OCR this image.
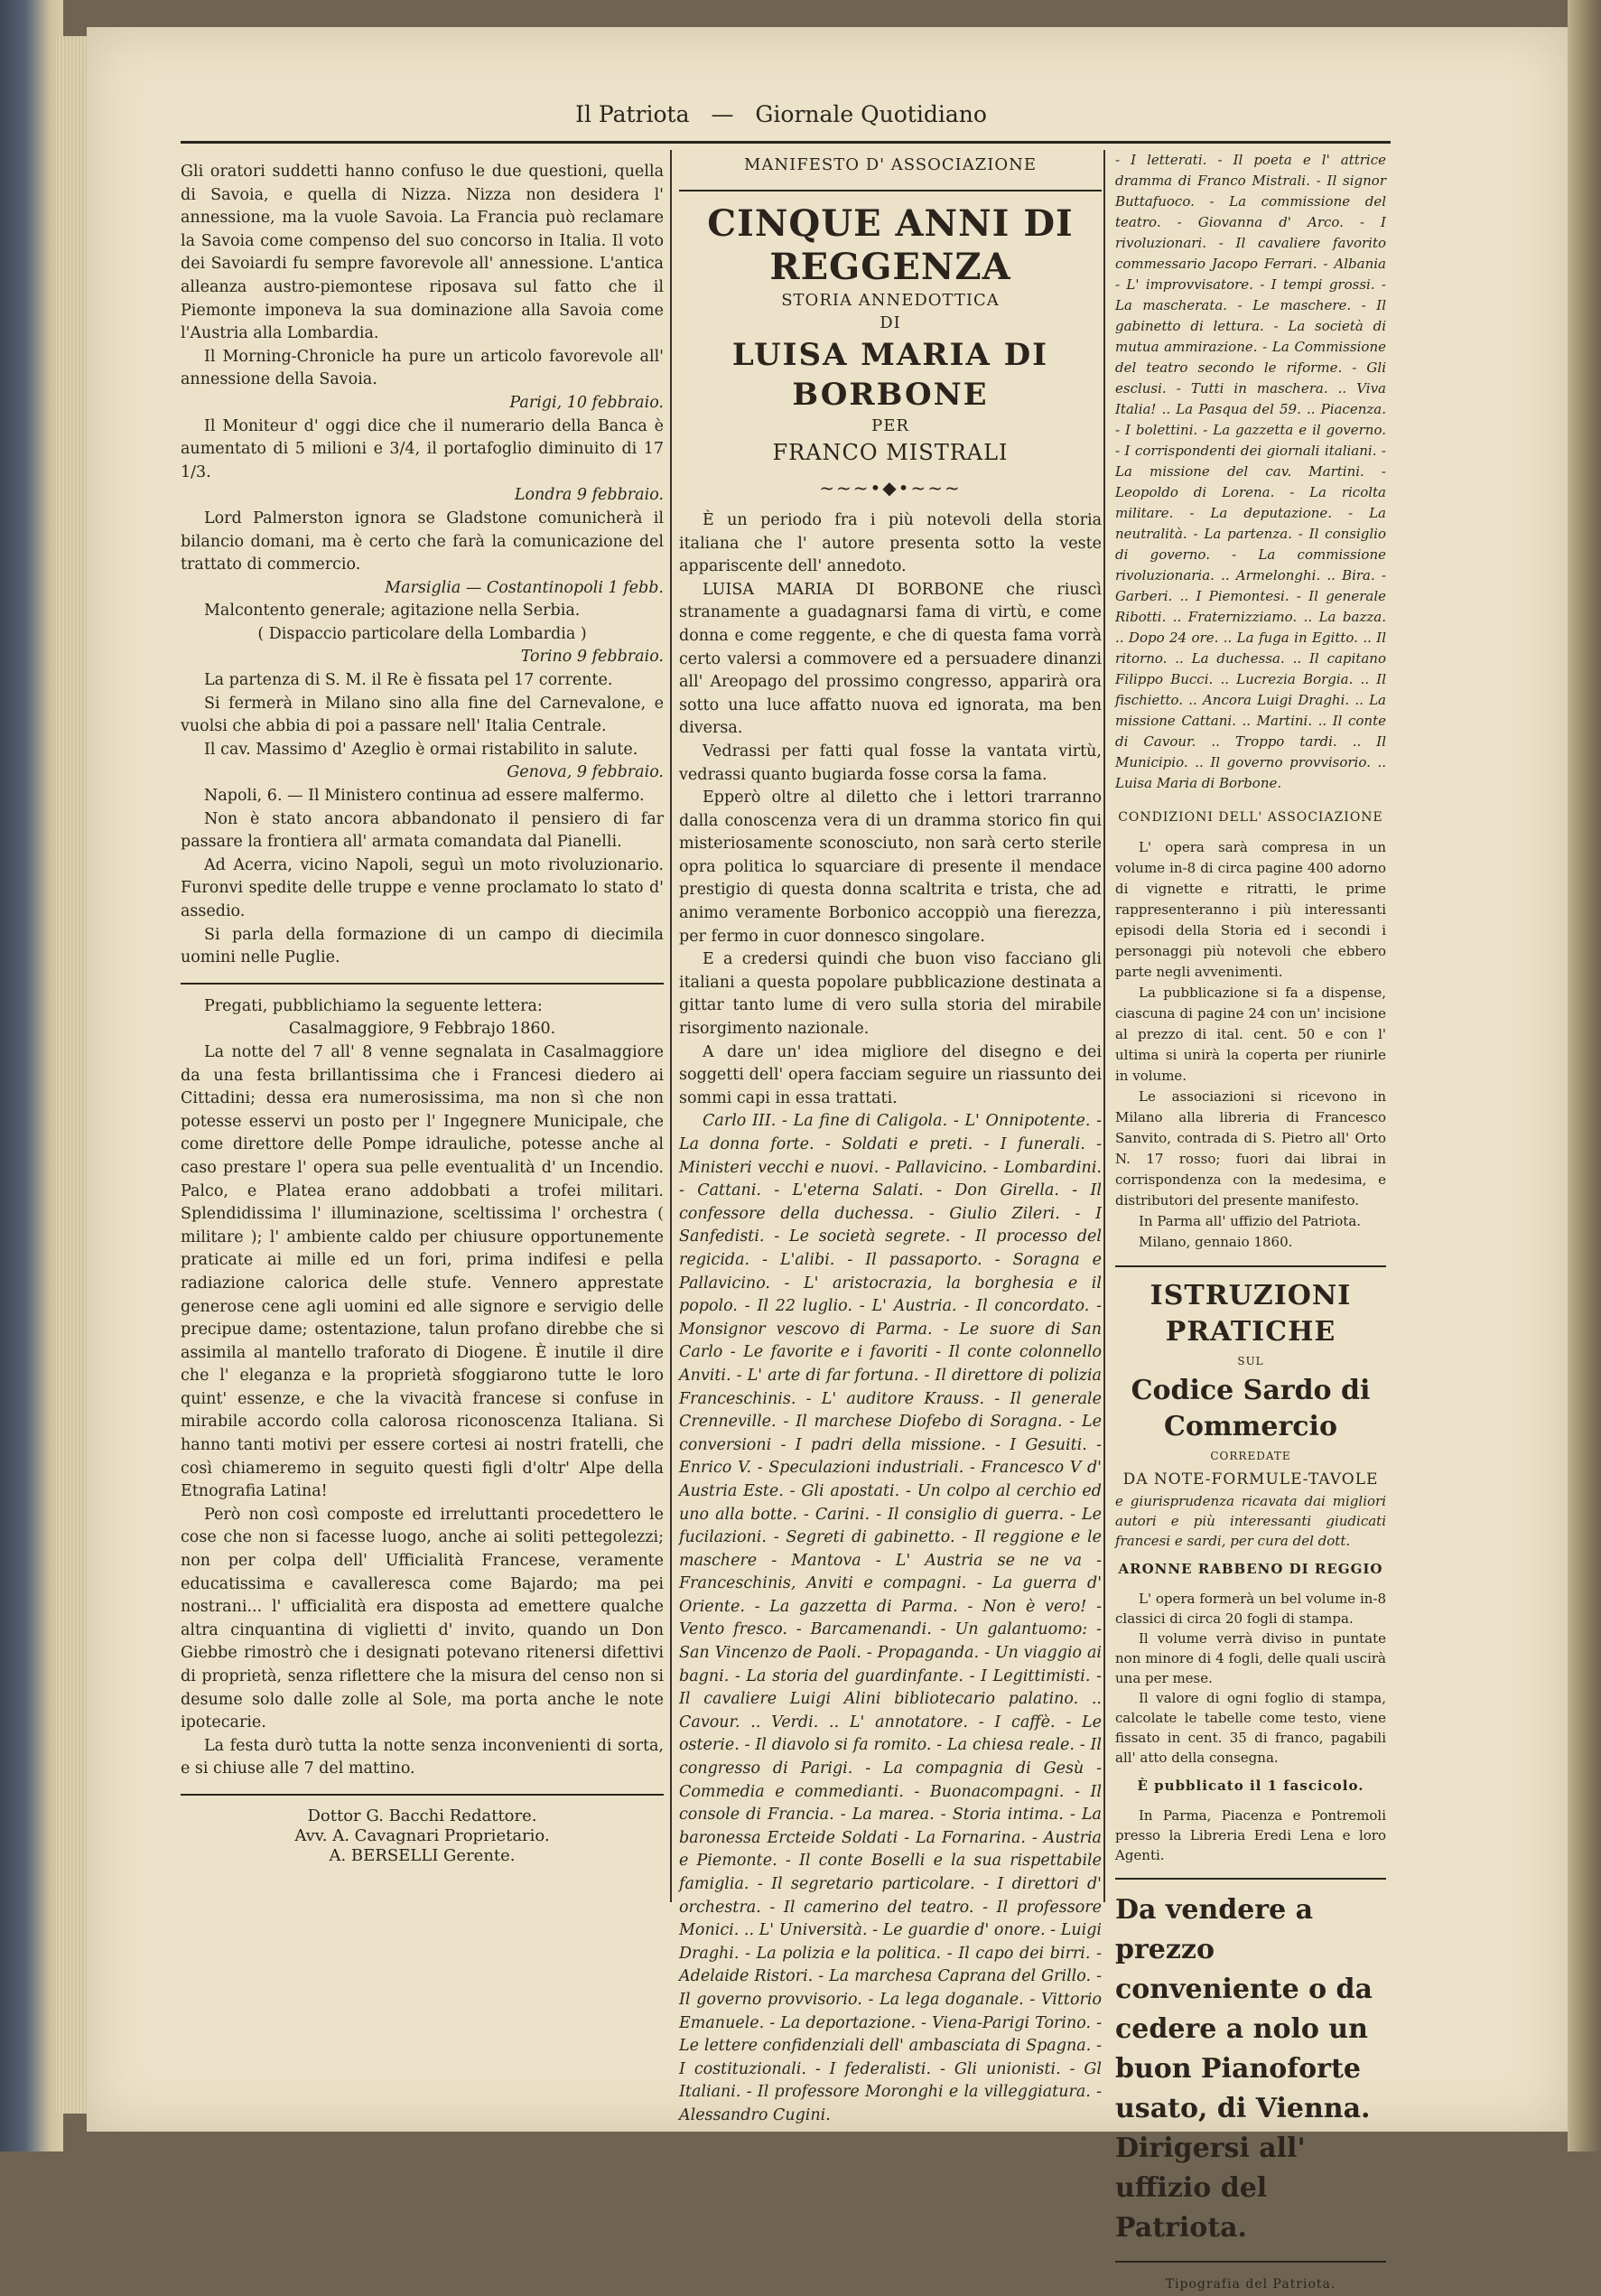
Il Patriota — Giornale Quotidiano

Gli oratori suddetti hanno confuso le due questioni, quella di Savoia, e quella di Nizza. Nizza non desidera l' annessione, ma la vuole Savoia. La Francia può reclamare la Savoia come compenso del suo concorso in Italia. Il voto dei Savoiardi fu sempre favorevole all' annessione. L'antica alleanza austro-piemontese riposava sul fatto che il Piemonte imponeva la sua dominazione alla Savoia come l'Austria alla Lombardia.

Il Morning-Chronicle ha pure un articolo favorevole all' annessione della Savoia.

Parigi, 10 febbraio.

Il Moniteur d' oggi dice che il numerario della Banca è aumentato di 5 milioni e 3/4, il portafoglio diminuito di 17 1/3.

Londra 9 febbraio.

Lord Palmerston ignora se Gladstone comunicherà il bilancio domani, ma è certo che farà la comunicazione del trattato di commercio.

Marsiglia — Costantinopoli 1 febb.

Malcontento generale; agitazione nella Serbia.

( Dispaccio particolare della Lombardia )

Torino 9 febbraio.

La partenza di S. M. il Re è fissata pel 17 corrente.

Si fermerà in Milano sino alla fine del Carnevalone, e vuolsi che abbia di poi a passare nell' Italia Centrale.

Il cav. Massimo d' Azeglio è ormai ristabilito in salute.

Genova, 9 febbraio.

Napoli, 6. — Il Ministero continua ad essere malfermo.

Non è stato ancora abbandonato il pensiero di far passare la frontiera all' armata comandata dal Pianelli.

Ad Acerra, vicino Napoli, seguì un moto rivoluzionario. Furonvi spedite delle truppe e venne proclamato lo stato d' assedio.

Si parla della formazione di un campo di diecimila uomini nelle Puglie.

Pregati, pubblichiamo la seguente lettera:

Casalmaggiore, 9 Febbrajo 1860.

La notte del 7 all' 8 venne segnalata in Casalmaggiore da una festa brillantissima che i Francesi diedero ai Cittadini; dessa era numerosissima, ma non sì che non potesse esservi un posto per l' Ingegnere Municipale, che come direttore delle Pompe idrauliche, potesse anche al caso prestare l' opera sua pelle eventualità d' un Incendio. Palco, e Platea erano addobbati a trofei militari. Splendidissima l' illuminazione, sceltissima l' orchestra ( militare ); l' ambiente caldo per chiusure opportunemente praticate ai mille ed un fori, prima indifesi e pella radiazione calorica delle stufe. Vennero apprestate generose cene agli uomini ed alle signore e servigio delle precipue dame; ostentazione, talun profano direbbe che si assimila al mantello traforato di Diogene. È inutile il dire che l' eleganza e la proprietà sfoggiarono tutte le loro quint' essenze, e che la vivacità francese si confuse in mirabile accordo colla calorosa riconoscenza Italiana. Si hanno tanti motivi per essere cortesi ai nostri fratelli, che così chiameremo in seguito questi figli d'oltr' Alpe della Etnografia Latina!

Però non così composte ed irreluttanti procedettero le cose che non si facesse luogo, anche ai soliti pettegolezzi; non per colpa dell' Ufficialità Francese, veramente educatissima e cavalleresca come Bajardo; ma pei nostrani... l' ufficialità era disposta ad emettere qualche altra cinquantina di viglietti d' invito, quando un Don Giebbe rimostrò che i designati potevano ritenersi difettivi di proprietà, senza riflettere che la misura del censo non si desume solo dalle zolle al Sole, ma porta anche le note ipotecarie.

La festa durò tutta la notte senza inconvenienti di sorta, e si chiuse alle 7 del mattino.

Dottor G. Bacchi Redattore.
Avv. A. Cavagnari Proprietario.
A. BERSELLI Gerente.
MANIFESTO D' ASSOCIAZIONE
CINQUE ANNI DI REGGENZA
STORIA ANNEDOTTICA
DI
LUISA MARIA DI BORBONE
PER
FRANCO MISTRALI
~~~•◆•~~~

È un periodo fra i più notevoli della storia italiana che l' autore presenta sotto la veste appariscente dell' annedoto.

LUISA MARIA DI BORBONE che riuscì stranamente a guadagnarsi fama di virtù, e come donna e come reggente, e che di questa fama vorrà certo valersi a commovere ed a persuadere dinanzi all' Areopago del prossimo congresso, apparirà ora sotto una luce affatto nuova ed ignorata, ma ben diversa.

Vedrassi per fatti qual fosse la vantata virtù, vedrassi quanto bugiarda fosse corsa la fama.

Epperò oltre al diletto che i lettori trarranno dalla conoscenza vera di un dramma storico fin qui misteriosamente sconosciuto, non sarà certo sterile opra politica lo squarciare di presente il mendace prestigio di questa donna scaltrita e trista, che ad animo veramente Borbonico accoppiò una fierezza, per fermo in cuor donnesco singolare.

E a credersi quindi che buon viso facciano gli italiani a questa popolare pubblicazione destinata a gittar tanto lume di vero sulla storia del mirabile risorgimento nazionale.

A dare un' idea migliore del disegno e dei soggetti dell' opera facciam seguire un riassunto dei sommi capi in essa trattati.

Carlo III. - La fine di Caligola. - L' Onnipotente. - La donna forte. - Soldati e preti. - I funerali. - Ministeri vecchi e nuovi. - Pallavicino. - Lombardini. - Cattani. - L'eterna Salati. - Don Girella. - Il confessore della duchessa. - Giulio Zileri. - I Sanfedisti. - Le società segrete. - Il processo del regicida. - L'alibi. - Il passaporto. - Soragna e Pallavicino. - L' aristocrazia, la borghesia e il popolo. - Il 22 luglio. - L' Austria. - Il concordato. - Monsignor vescovo di Parma. - Le suore di San Carlo - Le favorite e i favoriti - Il conte colonnello Anviti. - L' arte di far fortuna. - Il direttore di polizia Franceschinis. - L' auditore Krauss. - Il generale Crenneville. - Il marchese Diofebo di Soragna. - Le conversioni - I padri della missione. - I Gesuiti. - Enrico V. - Speculazioni industriali. - Francesco V d' Austria Este. - Gli apostati. - Un colpo al cerchio ed uno alla botte. - Carini. - Il consiglio di guerra. - Le fucilazioni. - Segreti di gabinetto. - Il reggione e le maschere - Mantova - L' Austria se ne va - Franceschinis, Anviti e compagni. - La guerra d' Oriente. - La gazzetta di Parma. - Non è vero! - Vento fresco. - Barcamenandi. - Un galantuomo: - San Vincenzo de Paoli. - Propaganda. - Un viaggio ai bagni. - La storia del guardinfante. - I Legittimisti. - Il cavaliere Luigi Alini bibliotecario palatino. .. Cavour. .. Verdi. .. L' annotatore. - I caffè. - Le osterie. - Il diavolo si fa romito. - La chiesa reale. - Il congresso di Parigi. - La compagnia di Gesù - Commedia e commedianti. - Buonacompagni. - Il console di Francia. - La marea. - Storia intima. - La baronessa Ercteide Soldati - La Fornarina. - Austria e Piemonte. - Il conte Boselli e la sua rispettabile famiglia. - Il segretario particolare. - I direttori d' orchestra. - Il camerino del teatro. - Il professore Monici. .. L' Università. - Le guardie d' onore. - Luigi Draghi. - La polizia e la politica. - Il capo dei birri. - Adelaide Ristori. - La marchesa Caprana del Grillo. - Il governo provvisorio. - La lega doganale. - Vittorio Emanuele. - La deportazione. - Viena-Parigi Torino. - Le lettere confidenziali dell' ambasciata di Spagna. - I costituzionali. - I federalisti. - Gli unionisti. - Gl Italiani. - Il professore Moronghi e la villeggiatura. - Alessandro Cugini.

- I letterati. - Il poeta e l' attrice dramma di Franco Mistrali. - Il signor Buttafuoco. - La commissione del teatro. - Giovanna d' Arco. - I rivoluzionari. - Il cavaliere favorito commessario Jacopo Ferrari. - Albania - L' improvvisatore. - I tempi grossi. - La mascherata. - Le maschere. - Il gabinetto di lettura. - La società di mutua ammirazione. - La Commissione del teatro secondo le riforme. - Gli esclusi. - Tutti in maschera. .. Viva Italia! .. La Pasqua del 59. .. Piacenza. - I bolettini. - La gazzetta e il governo. - I corrispondenti dei giornali italiani. - La missione del cav. Martini. - Leopoldo di Lorena. - La ricolta militare. - La deputazione. - La neutralità. - La partenza. - Il consiglio di governo. - La commissione rivoluzionaria. .. Armelonghi. .. Bira. - Garberi. .. I Piemontesi. - Il generale Ribotti. .. Fraternizziamo. .. La bazza. .. Dopo 24 ore. .. La fuga in Egitto. .. Il ritorno. .. La duchessa. .. Il capitano Filippo Bucci. .. Lucrezia Borgia. .. Il fischietto. .. Ancora Luigi Draghi. .. La missione Cattani. .. Martini. .. Il conte di Cavour. .. Troppo tardi. .. Il Municipio. .. Il governo provvisorio. .. Luisa Maria di Borbone.

CONDIZIONI DELL' ASSOCIAZIONE

L' opera sarà compresa in un volume in-8 di circa pagine 400 adorno di vignette e ritratti, le prime rappresenteranno i più interessanti episodi della Storia ed i secondi i personaggi più notevoli che ebbero parte negli avvenimenti.

La pubblicazione si fa a dispense, ciascuna di pagine 24 con un' incisione al prezzo di ital. cent. 50 e con l' ultima si unirà la coperta per riunirle in volume.

Le associazioni si ricevono in Milano alla libreria di Francesco Sanvito, contrada di S. Pietro all' Orto N. 17 rosso; fuori dai librai in corrispondenza con la medesima, e distributori del presente manifesto.

In Parma all' uffizio del Patriota.

Milano, gennaio 1860.

ISTRUZIONI PRATICHE
SUL
Codice Sardo di Commercio
CORREDATE
DA NOTE-FORMULE-TAVOLE

e giurisprudenza ricavata dai migliori autori e più interessanti giudicati francesi e sardi, per cura del dott.

ARONNE RABBENO DI REGGIO

L' opera formerà un bel volume in-8 classici di circa 20 fogli di stampa.

Il volume verrà diviso in puntate non minore di 4 fogli, delle quali uscirà una per mese.

Il valore di ogni foglio di stampa, calcolate le tabelle come testo, viene fissato in cent. 35 di franco, pagabili all' atto della consegna.

È pubblicato il 1 fascicolo.

In Parma, Piacenza e Pontremoli presso la Libreria Eredi Lena e loro Agenti.

Da vendere a prezzo conveniente o da cedere a nolo un buon Pianoforte usato, di Vienna. Dirigersi all' uffizio del Patriota.
Tipografia del Patriota.
